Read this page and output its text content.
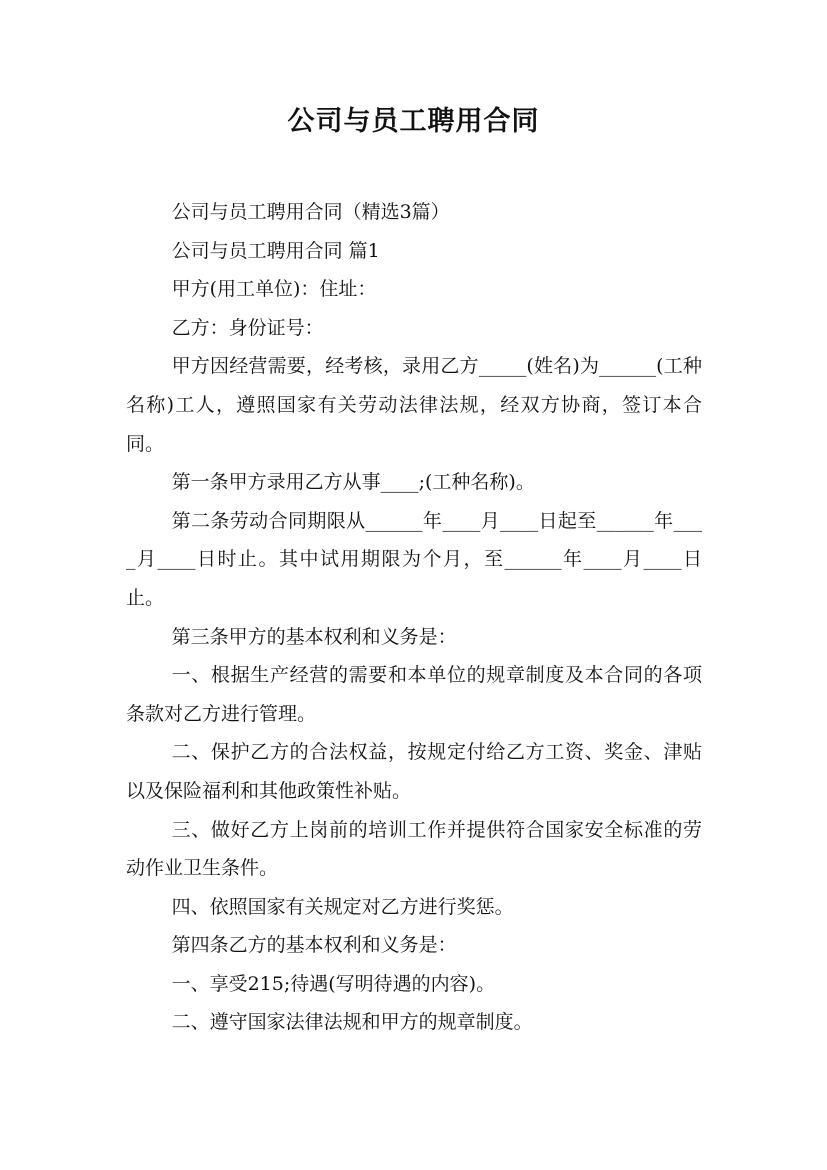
公司与员工聘用合同

公司与员工聘用合同（精选3篇）

公司与员工聘用合同 篇1

甲方(用工单位)：住址：

乙方：身份证号：

甲方因经营需要，经考核，录用乙方_____(姓名)为______(工种名称)工人，遵照国家有关劳动法律法规，经双方协商，签订本合同。

第一条甲方录用乙方从事____;(工种名称)。

第二条劳动合同期限从______年____月____日起至______年____月____日时止。其中试用期限为个月，至______年____月____日止。

第三条甲方的基本权利和义务是：

一、根据生产经营的需要和本单位的规章制度及本合同的各项条款对乙方进行管理。

二、保护乙方的合法权益，按规定付给乙方工资、奖金、津贴以及保险福利和其他政策性补贴。

三、做好乙方上岗前的培训工作并提供符合国家安全标准的劳动作业卫生条件。

四、依照国家有关规定对乙方进行奖惩。

第四条乙方的基本权利和义务是：

一、享受215;待遇(写明待遇的内容)。

二、遵守国家法律法规和甲方的规章制度。
